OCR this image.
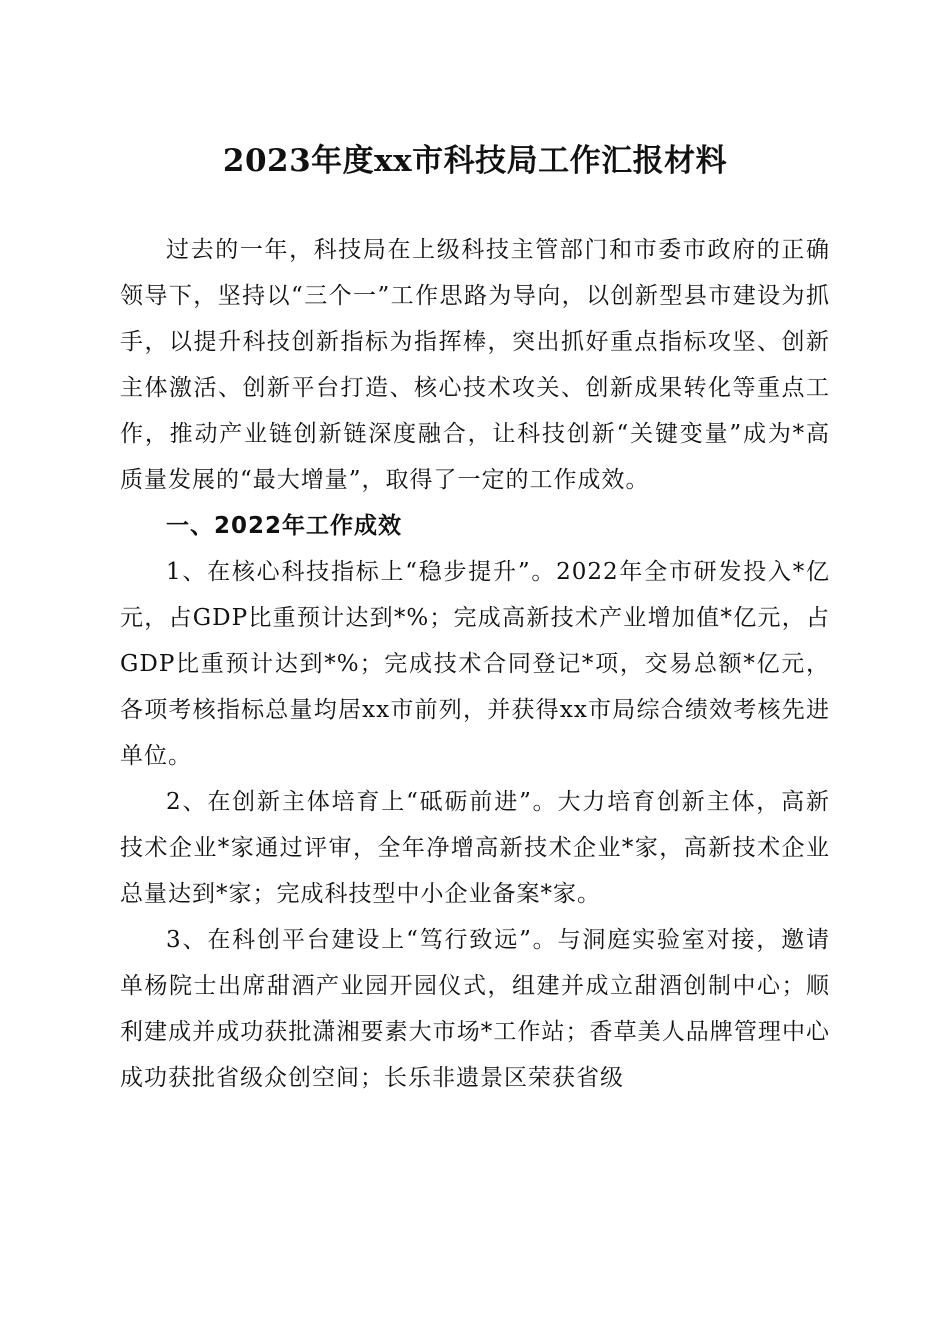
2023年度xx市科技局工作汇报材料

过去的一年，科技局在上级科技主管部门和市委市政府的正确领导下，坚持以“三个一”工作思路为导向，以创新型县市建设为抓手，以提升科技创新指标为指挥棒，突出抓好重点指标攻坚、创新主体激活、创新平台打造、核心技术攻关、创新成果转化等重点工作，推动产业链创新链深度融合，让科技创新“关键变量”成为*高质量发展的“最大增量”，取得了一定的工作成效。

一、2022年工作成效

1、在核心科技指标上“稳步提升”。2022年全市研发投入*亿元，占GDP比重预计达到*%；完成高新技术产业增加值*亿元，占GDP比重预计达到*%；完成技术合同登记*项，交易总额*亿元，各项考核指标总量均居xx市前列，并获得xx市局综合绩效考核先进单位。

2、在创新主体培育上“砥砺前进”。大力培育创新主体，高新技术企业*家通过评审，全年净增高新技术企业*家，高新技术企业总量达到*家；完成科技型中小企业备案*家。

3、在科创平台建设上“笃行致远”。与洞庭实验室对接，邀请单杨院士出席甜酒产业园开园仪式，组建并成立甜酒创制中心；顺利建成并成功获批潇湘要素大市场*工作站；香草美人品牌管理中心成功获批省级众创空间；长乐非遗景区荣获省级
